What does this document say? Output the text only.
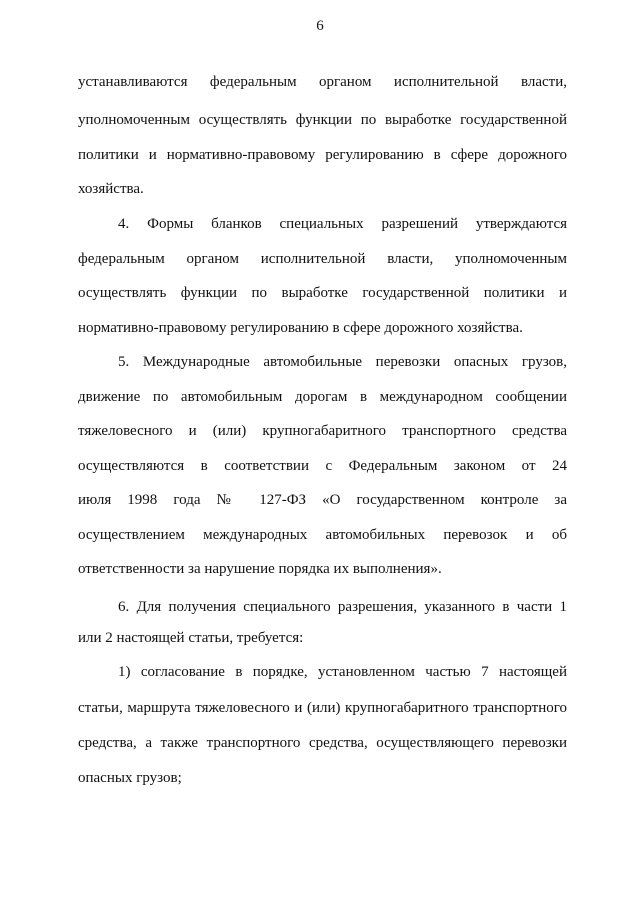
6
устанавливаются федеральным органом исполнительной власти,
уполномоченным осуществлять функции по выработке государственной
политики и нормативно-правовому регулированию в сфере дорожного
хозяйства.
4. Формы бланков специальных разрешений утверждаются
федеральным органом исполнительной власти, уполномоченным
осуществлять функции по выработке государственной политики и
нормативно-правовому регулированию в сфере дорожного хозяйства.
5. Международные автомобильные перевозки опасных грузов,
движение по автомобильным дорогам в международном сообщении
тяжеловесного и (или) крупногабаритного транспортного средства
осуществляются в соответствии с Федеральным законом от 24
июля 1998 года № 127-ФЗ «О государственном контроле за
осуществлением международных автомобильных перевозок и об
ответственности за нарушение порядка их выполнения».
6. Для получения специального разрешения, указанного в части 1
или 2 настоящей статьи, требуется:
1) согласование в порядке, установленном частью 7 настоящей
статьи, маршрута тяжеловесного и (или) крупногабаритного транспортного
средства, а также транспортного средства, осуществляющего перевозки
опасных грузов;
